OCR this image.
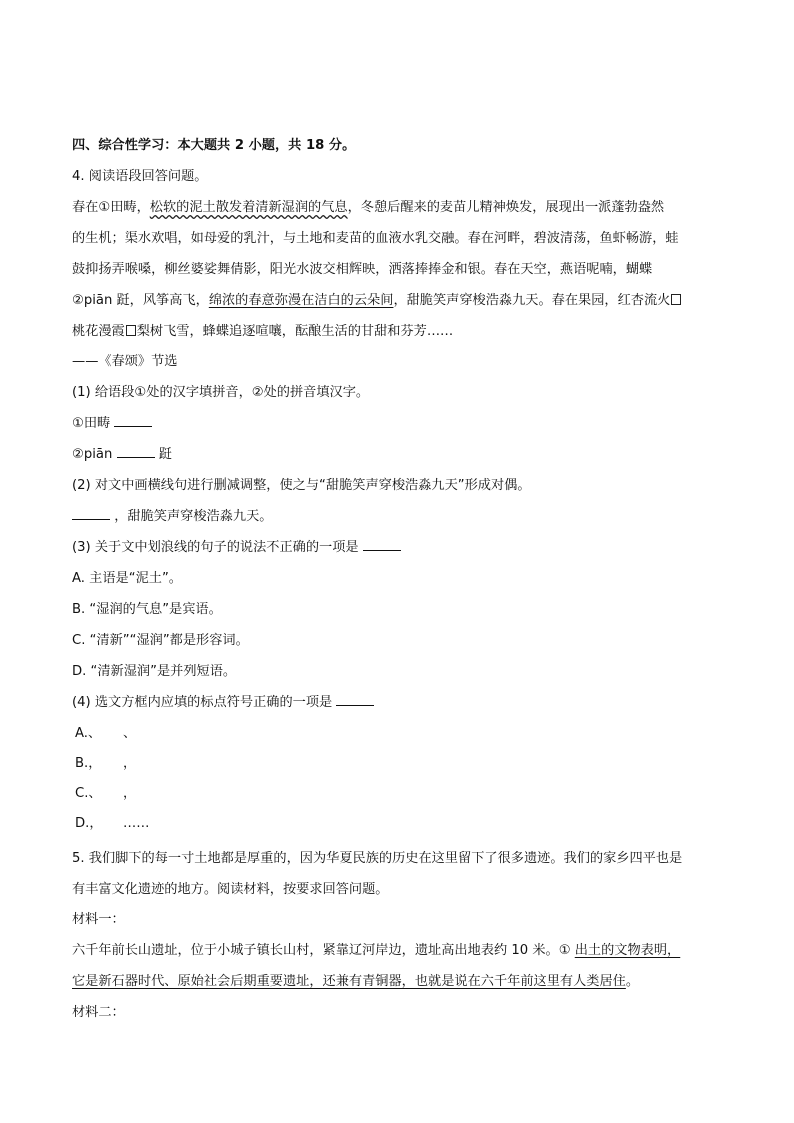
四、综合性学习：本大题共 2 小题，共 18 分。

4. 阅读语段回答问题。

春在①田畴，松软的泥土散发着清新湿润的气息，冬憩后醒来的麦苗儿精神焕发，展现出一派蓬勃盎然

的生机；渠水欢唱，如母爱的乳汁，与土地和麦苗的血液水乳交融。春在河畔，碧波清荡，鱼虾畅游，蛙

鼓抑扬弄喉嗓，柳丝婆娑舞倩影，阳光水波交相辉映，洒落捧捧金和银。春在天空，燕语呢喃，蝴蝶

②piān 跹，风筝高飞，绵浓的春意弥漫在洁白的云朵间，甜脆笑声穿梭浩淼九天。春在果园，红杏流火

桃花漫霞 梨树飞雪，蜂蝶追逐喧嚷，酝酿生活的甘甜和芬芳……

——《春颂》节选

(1) 给语段①处的汉字填拼音，②处的拼音填汉字。

①田畴

②piān	跹

(2) 对文中画横线句进行删减调整，使之与“甜脆笑声穿梭浩淼九天”形成对偶。

，甜脆笑声穿梭浩淼九天。

(3) 关于文中划浪线的句子的说法不正确的一项是

A. 主语是“泥土”。

B. “湿润的气息”是宾语。

C. “清新”“湿润”都是形容词。

D. “清新湿润”是并列短语。

(4) 选文方框内应填的标点符号正确的一项是

A.、 、

B.， ，

C.、 ，

D.， ……

5. 我们脚下的每一寸土地都是厚重的，因为华夏民族的历史在这里留下了很多遗迹。我们的家乡四平也是

有丰富文化遗迹的地方。阅读材料，按要求回答问题。

材料一：

六千年前长山遗址，位于小城子镇长山村，紧靠辽河岸边，遗址高出地表约 10 米。① 出土的文物表明，

它是新石器时代、原始社会后期重要遗址，还兼有青铜器，也就是说在六千年前这里有人类居住。

材料二：
